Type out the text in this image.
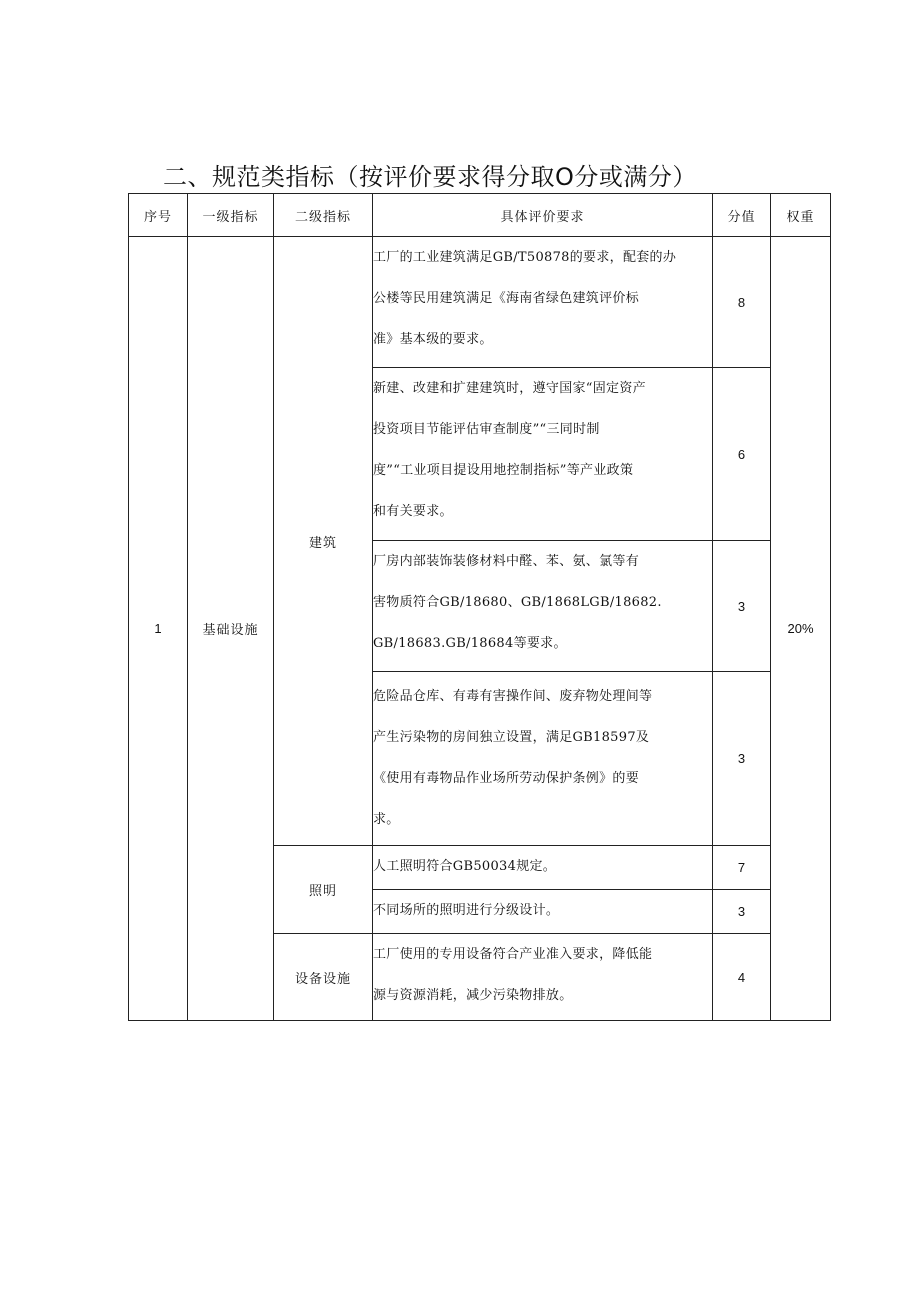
二、规范类指标（按评价要求得分取O分或满分）
序号	一级指标	二级指标	具体评价要求	分值	权重
1	基础设施	建筑	工厂的工业建筑满足GB/T50878的要求，配套的办
公楼等民用建筑满足《海南省绿色建筑评价标
准》基本级的要求。	8	20%

			新建、改建和扩建建筑时，遵守国家“固定资产
投资项目节能评估审查制度”“三同时制
度”“工业项目提设用地控制指标”等产业政策
和有关要求。	6	

			厂房内部装饰装修材料中醛、苯、氨、氯等有
害物质符合GB/18680、GB/1868LGB/18682.
GB/18683.GB/18684等要求。	3	

			危险品仓库、有毒有害操作间、废弃物处理间等
产生污染物的房间独立设置，满足GB18597及
《使用有毒物品作业场所劳动保护条例》的要
求。	3	
		照明	人工照明符合GB50034规定。	7	

			不同场所的照明进行分级设计。	3	
		设备设施	工厂使用的专用设备符合产业准入要求，降低能
源与资源消耗，减少污染物排放。	4	
